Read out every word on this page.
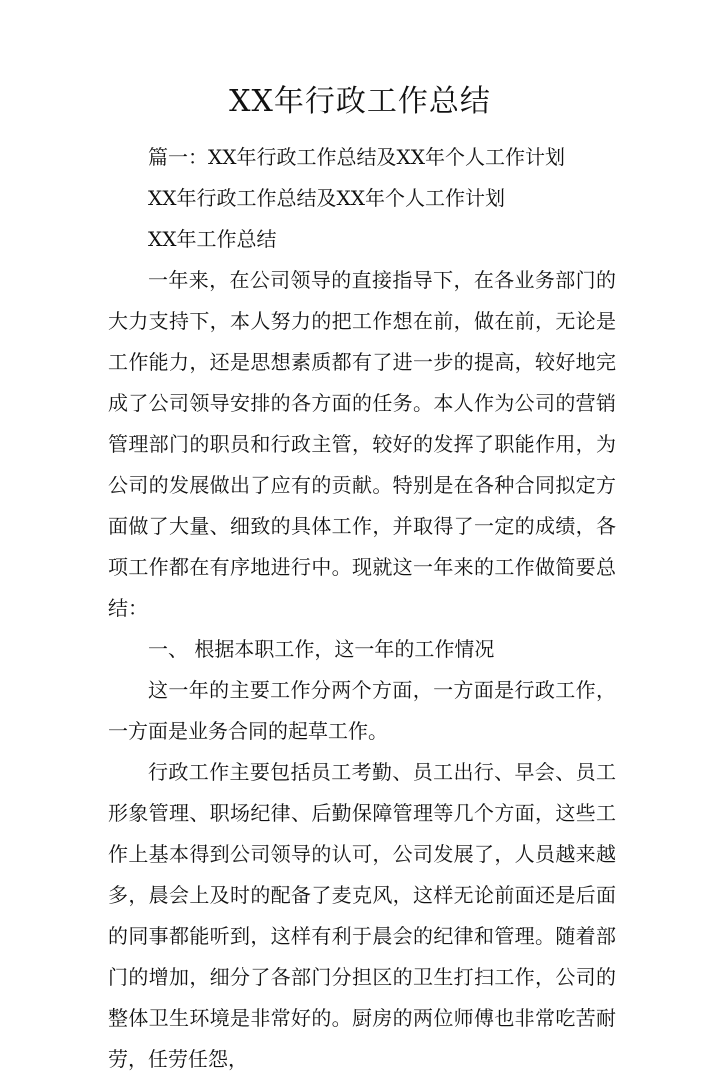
XX年行政工作总结

篇一：XX年行政工作总结及XX年个人工作计划

XX年行政工作总结及XX年个人工作计划

XX年工作总结

一年来，在公司领导的直接指导下，在各业务部门的大力支持下，本人努力的把工作想在前，做在前，无论是工作能力，还是思想素质都有了进一步的提高，较好地完成了公司领导安排的各方面的任务。本人作为公司的营销管理部门的职员和行政主管，较好的发挥了职能作用，为公司的发展做出了应有的贡献。特别是在各种合同拟定方面做了大量、细致的具体工作，并取得了一定的成绩，各项工作都在有序地进行中。现就这一年来的工作做简要总结：

一、 根据本职工作，这一年的工作情况

这一年的主要工作分两个方面，一方面是行政工作，一方面是业务合同的起草工作。

行政工作主要包括员工考勤、员工出行、早会、员工形象管理、职场纪律、后勤保障管理等几个方面，这些工作上基本得到公司领导的认可，公司发展了，人员越来越多，晨会上及时的配备了麦克风，这样无论前面还是后面的同事都能听到，这样有利于晨会的纪律和管理。随着部门的增加，细分了各部门分担区的卫生打扫工作，公司的整体卫生环境是非常好的。厨房的两位师傅也非常吃苦耐劳，任劳任怨，
